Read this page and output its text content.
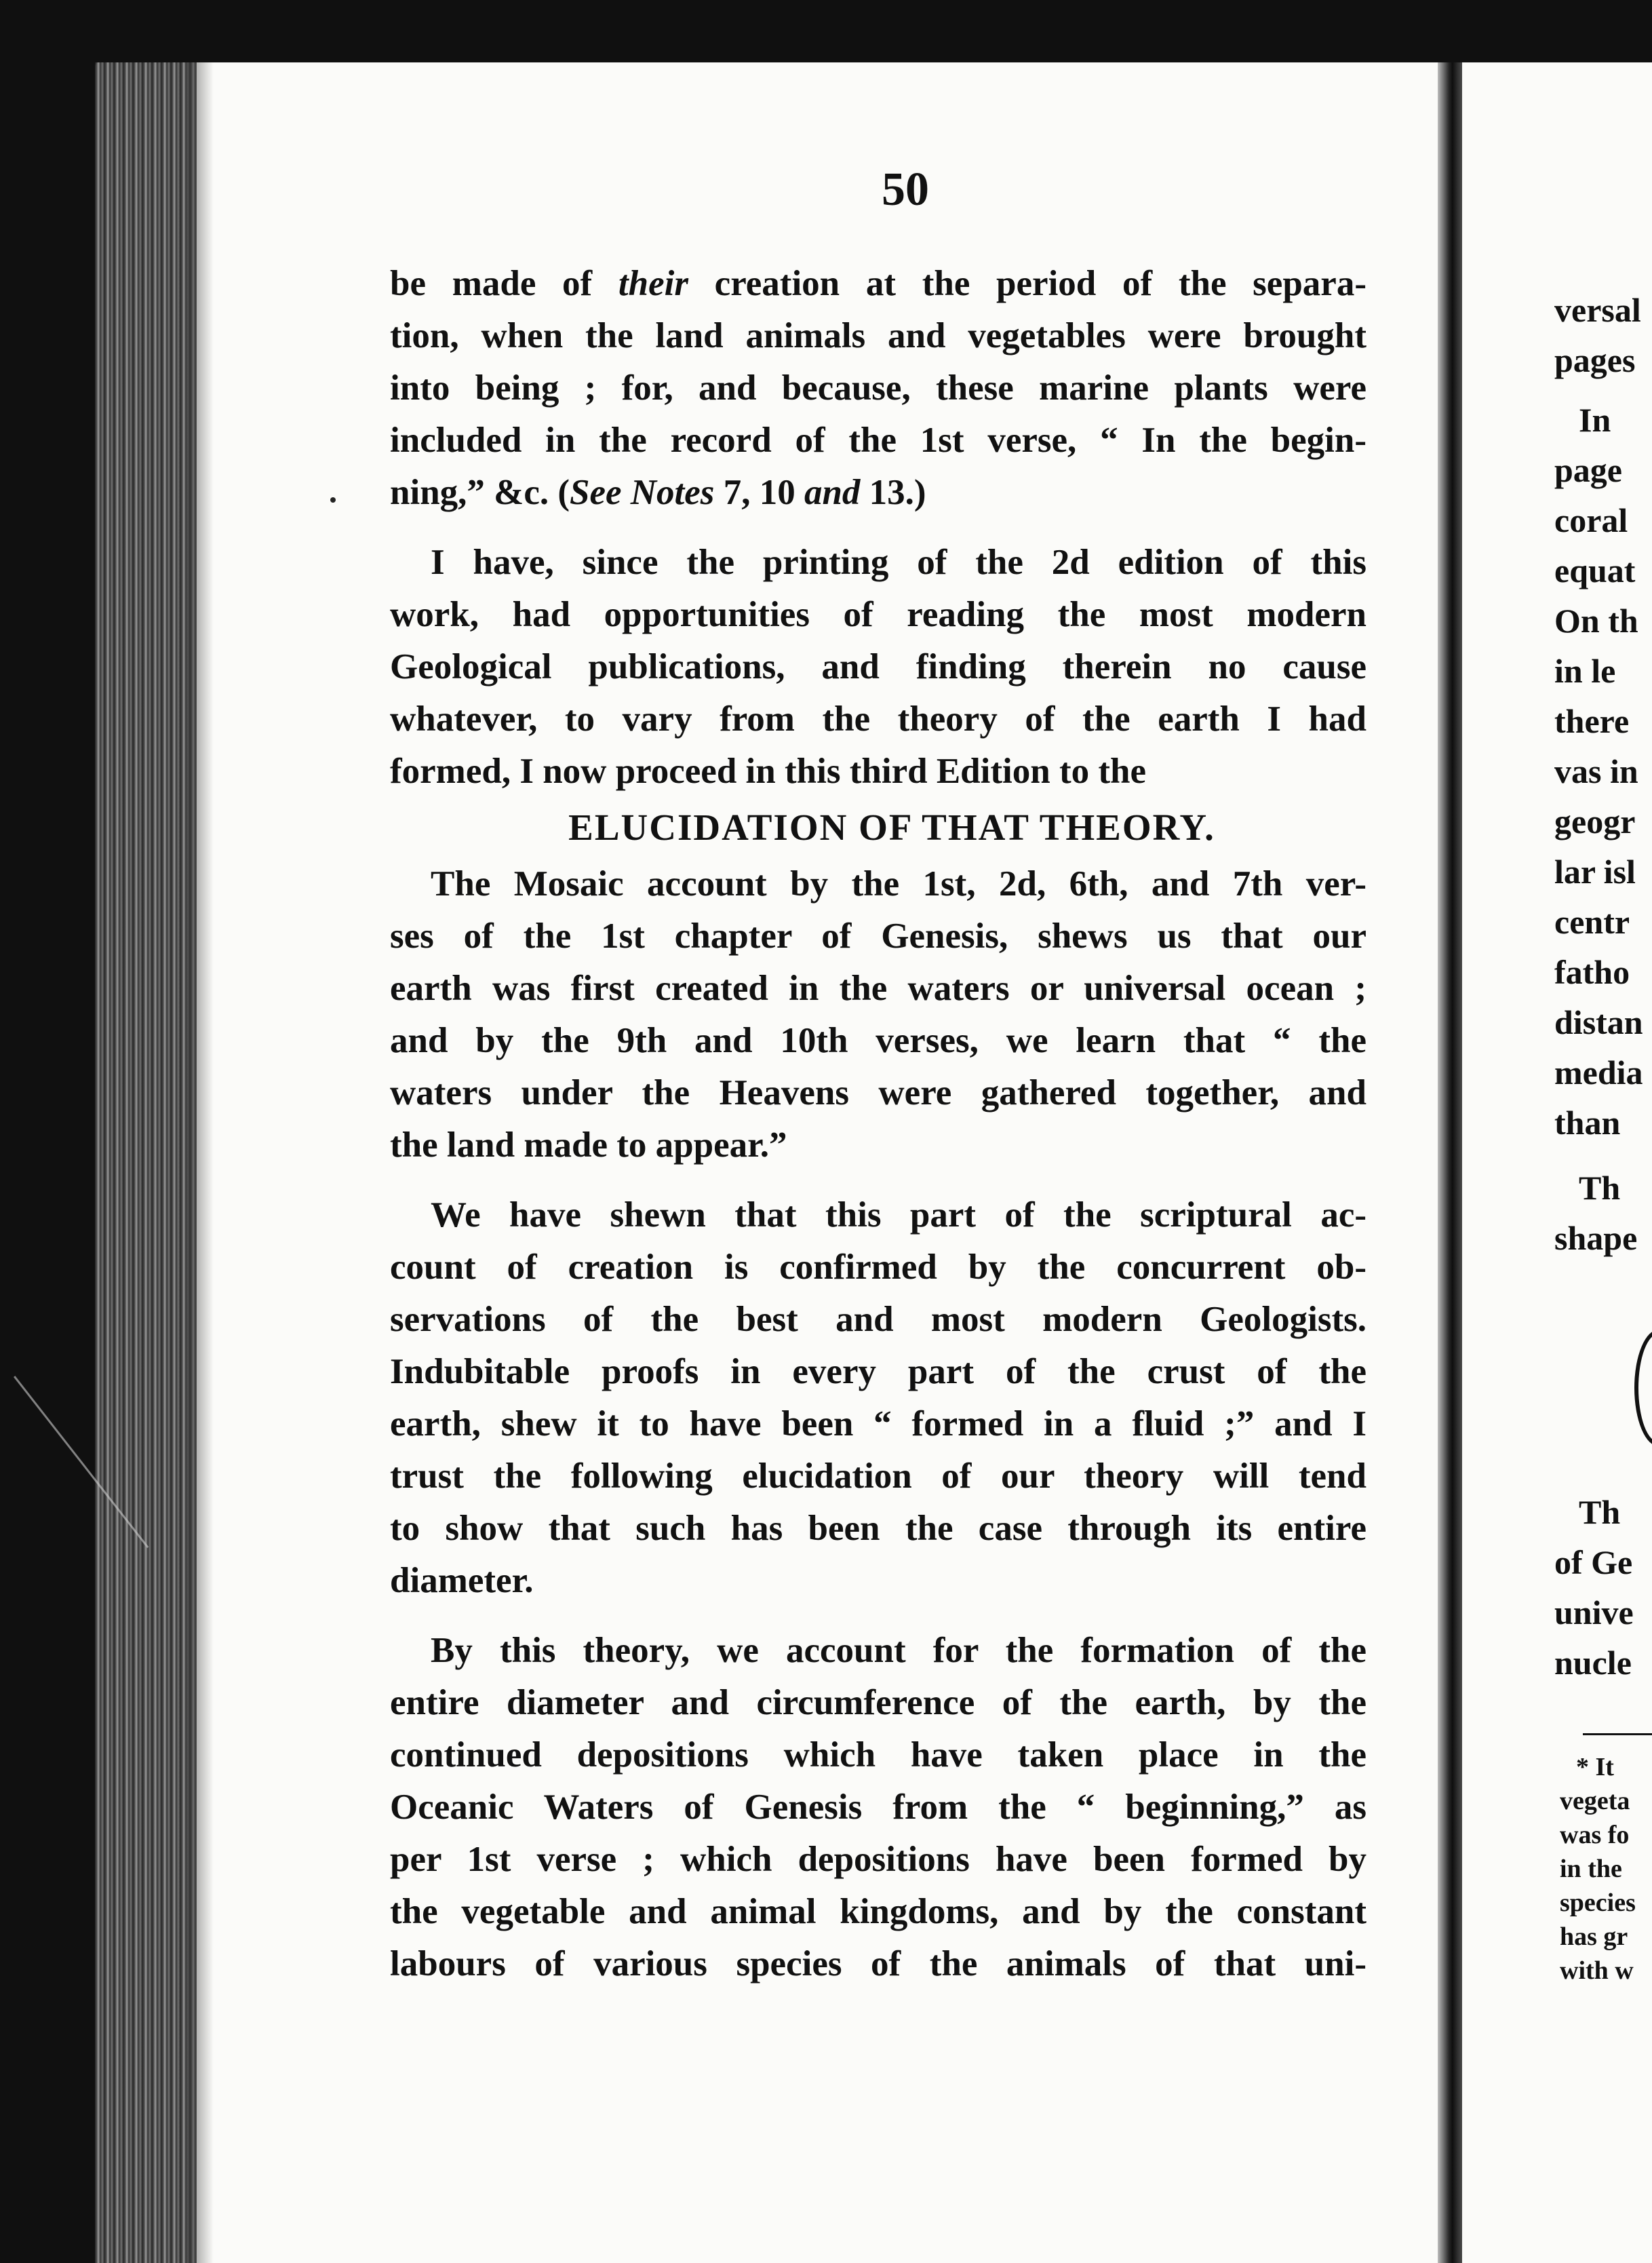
50

be made of their creation at the period of the separa-
tion, when the land animals and vegetables were brought
into being ; for, and because, these marine plants were
included in the record of the 1st verse, “ In the begin-
ning,” &c. (See Notes 7, 10 and 13.)

I have, since the printing of the 2d edition of this
work, had opportunities of reading the most modern
Geological publications, and finding therein no cause
whatever, to vary from the theory of the earth I had
formed, I now proceed in this third Edition to the

ELUCIDATION OF THAT THEORY.

The Mosaic account by the 1st, 2d, 6th, and 7th ver-
ses of the 1st chapter of Genesis, shews us that our
earth was first created in the waters or universal ocean ;
and by the 9th and 10th verses, we learn that “ the
waters under the Heavens were gathered together, and
the land made to appear.”

We have shewn that this part of the scriptural ac-
count of creation is confirmed by the concurrent ob-
servations of the best and most modern Geologists.
Indubitable proofs in every part of the crust of the
earth, shew it to have been “ formed in a fluid ;” and I
trust the following elucidation of our theory will tend
to show that such has been the case through its entire
diameter.

By this theory, we account for the formation of the
entire diameter and circumference of the earth, by the
continued depositions which have taken place in the
Oceanic Waters of Genesis from the “ beginning,” as
per 1st verse ; which depositions have been formed by
the vegetable and animal kingdoms, and by the constant
labours of various species of the animals of that uni-

versal
pages
In
page
coral
equat
On th
in le
there
vas in
geogr
lar isl
centr
fatho
distan
media
than
Th
shape
Th
of Ge
unive
nucle
* It
vegeta
was fo
in the
species
has gr
with w
